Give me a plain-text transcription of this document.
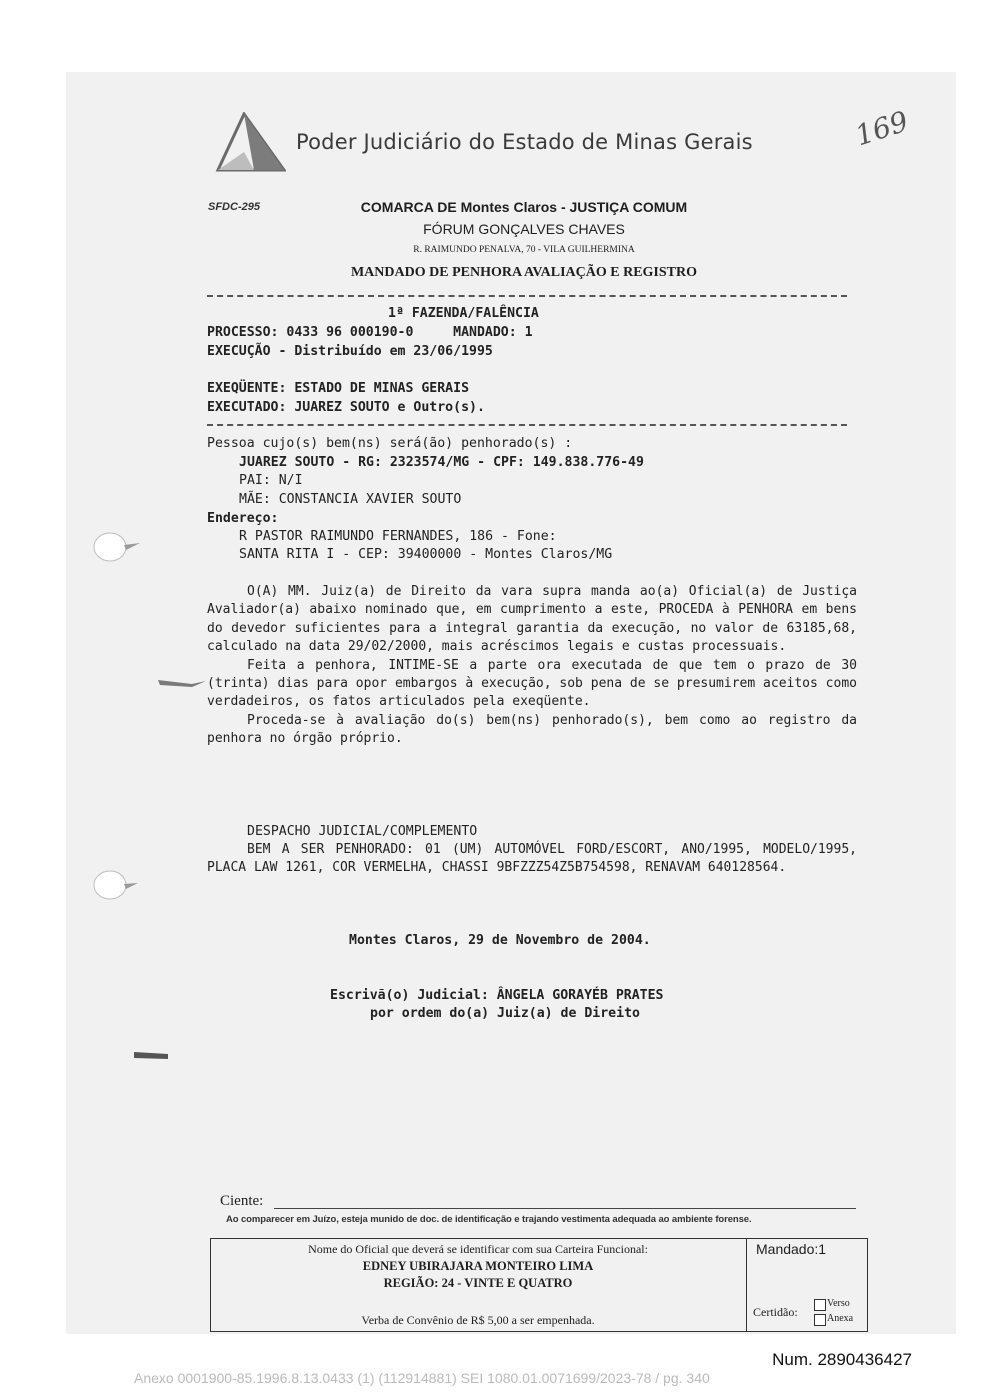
Poder Judiciário do Estado de Minas Gerais	169
SFDC-295	COMARCA DE Montes Claros - JUSTIÇA COMUM
FÓRUM GONÇALVES CHAVES
R. RAIMUNDO PENALVA, 70 - VILA GUILHERMINA
MANDADO DE PENHORA AVALIAÇÃO E REGISTRO
1ª FAZENDA/FALÊNCIA
PROCESSO: 0433 96 000190-0     MANDADO: 1
EXECUÇÃO - Distribuído em 23/06/1995
EXEQÜENTE: ESTADO DE MINAS GERAIS
EXECUTADO: JUAREZ SOUTO e Outro(s).
Pessoa cujo(s) bem(ns) será(ão) penhorado(s) :
JUAREZ SOUTO - RG: 2323574/MG - CPF: 149.838.776-49
PAI: N/I
MÃE: CONSTANCIA XAVIER SOUTO
Endereço:
R PASTOR RAIMUNDO FERNANDES, 186 - Fone:
SANTA RITA I - CEP: 39400000 - Montes Claros/MG

O(A) MM. Juiz(a) de Direito da vara supra manda ao(a) Oficial(a) de Justiça Avaliador(a) abaixo nominado que, em cumprimento a este, PROCEDA à PENHORA em bens do devedor suficientes para a integral garantia da execução, no valor de 63185,68, calculado na data 29/02/2000, mais acréscimos legais e custas processuais.

Feita a penhora, INTIME-SE a parte ora executada de que tem o prazo de 30 (trinta) dias para opor embargos à execução, sob pena de se presumirem aceitos como verdadeiros, os fatos articulados pela exeqüente.

Proceda-se à avaliação do(s) bem(ns) penhorado(s), bem como ao registro da penhora no órgão próprio.

DESPACHO JUDICIAL/COMPLEMENTO

BEM A SER PENHORADO: 01 (UM) AUTOMÓVEL FORD/ESCORT, ANO/1995, MODELO/1995, PLACA LAW 1261, COR VERMELHA, CHASSI 9BFZZZ54Z5B754598, RENAVAM 640128564.

Montes Claros, 29 de Novembro de 2004.
Escrivã(o) Judicial: ÂNGELA GORAYÉB PRATES
por ordem do(a) Juiz(a) de Direito
Ciente:
Ao comparecer em Juízo, esteja munido de doc. de identificação e trajando vestimenta adequada ao ambiente forense.
Nome do Oficial que deverá se identificar com sua Carteira Funcional:
EDNEY UBIRAJARA MONTEIRO LIMA
REGIÃO: 24 - VINTE E QUATRO
Verba de Convênio de R$ 5,00 a ser empenhada.
Mandado:1
Certidão:
Verso
Anexa
Num. 2890436427
Anexo 0001900-85.1996.8.13.0433 (1) (112914881) SEI 1080.01.0071699/2023-78 / pg. 340
